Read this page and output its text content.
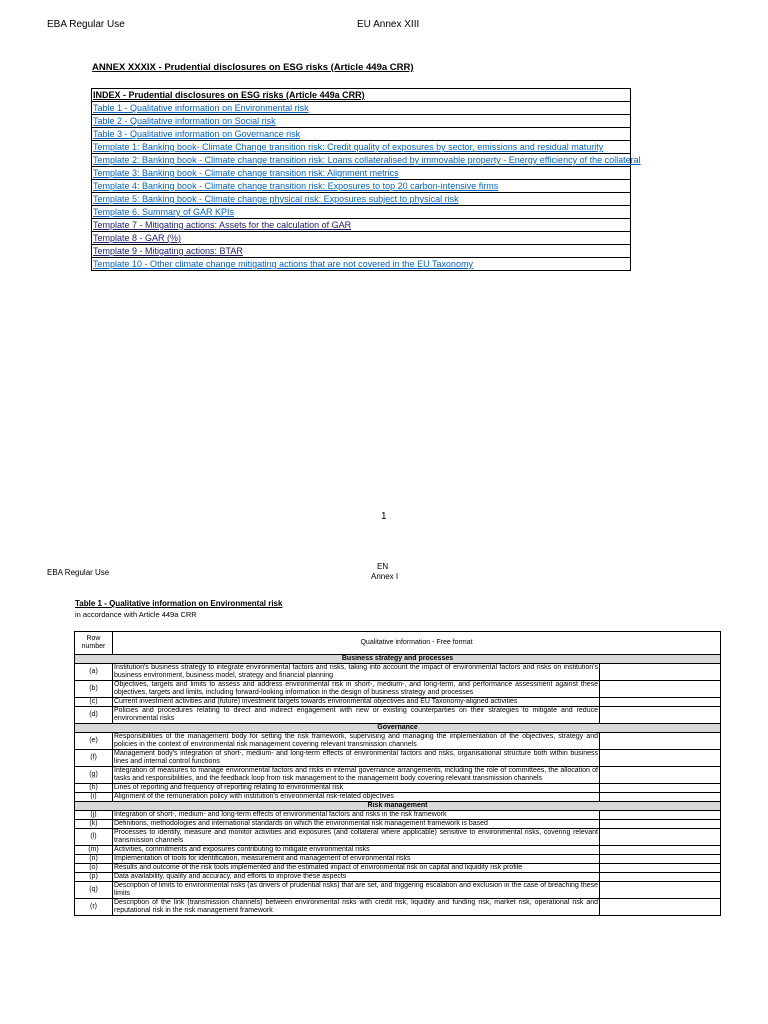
EBA Regular Use	EU Annex XIII
ANNEX XXXIX - Prudential disclosures on ESG risks (Article 449a CRR)
INDEX - Prudential disclosures on ESG risks (Article 449a CRR)
Table 1 - Qualitative information on Environmental risk
Table 2 - Qualitative information on Social risk
Table 3 - Qualitative information on Governance risk
Template 1: Banking book- Climate Change transition risk: Credit quality of exposures by sector, emissions and residual maturity
Template 2: Banking book - Climate change transition risk: Loans collateralised by immovable property - Energy efficiency of the collateral
Template 3: Banking book - Climate change transition risk: Alignment metrics
Template 4: Banking book - Climate change transition risk: Exposures to top 20 carbon-intensive firms
Template 5: Banking book - Climate change physical risk: Exposures subject to physical risk
Template 6. Summary of GAR KPIs
Template 7 - Mitigating actions: Assets for the calculation of GAR
Template 8 - GAR (%)
Template 9 - Mitigating actions: BTAR
Template 10 - Other climate change mitigating actions that are not covered in the EU Taxonomy
1
EBA Regular Use
EN
Annex I
Table 1 - Qualitative information on Environmental risk
in accordance with Article 449a CRR
Row number	Qualitative information - Free format	
Business strategy and processes		
(a)	Institution's business strategy to integrate environmental factors and risks, taking into account the impact of environmental factors and risks on institution's business environment, business model, strategy and financial planning	
(b)	Objectives, targets and limits to assess and address environmental risk in short-, medium-, and long-term, and performance assessment against these objectives, targets and limits, including forward-looking information in the design of business strategy and processes	
(c)	Current investment activities and (future) investment targets towards environmental objectives and EU Taxonomy-aligned activities	
(d)	Policies and procedures relating to direct and indirect engagement with new or existing counterparties on their strategies to mitigate and reduce environmental risks	
Governance		
(e)	Responsibilities of the management body for setting the risk framework, supervising and managing the implementation of the objectives, strategy and policies in the context of environmental risk management covering relevant transmission channels	
(f)	Management body's integration of short-, medium- and long-term effects of environmental factors and risks, organisational structure both within business lines and internal control functions	
(g)	Integration of measures to manage environmental factors and risks in internal governance arrangements, including the role of committees, the allocation of tasks and responsibilities, and the feedback loop from risk management to the management body covering relevant transmission channels	
(h)	Lines of reporting and frequency of reporting relating to environmental risk	
(i)	Alignment of the remuneration policy with institution's environmental risk-related objectives	
Risk management		
(j)	Integration of short-, medium- and long-term effects of environmental factors and risks in the risk framework	
(k)	Definitions, methodologies and international standards on which the environmental risk management framework is based	
(l)	Processes to identify, measure and monitor activities and exposures (and collateral where applicable) sensitive to environmental risks, covering relevant transmission channels	
(m)	Activities, commitments and exposures contributing to mitigate environmental risks	
(n)	Implementation of tools for identification, measurement and management of environmental risks	
(o)	Results and outcome of the risk tools implemented and the estimated impact of environmental risk on capital and liquidity risk profile	
(p)	Data availability, quality and accuracy, and efforts to improve these aspects	
(q)	Description of limits to environmental risks (as drivers of prudential risks) that are set, and triggering escalation and exclusion in the case of breaching these limits	
(r)	Description of the link (transmission channels) between environmental risks with credit risk, liquidity and funding risk, market risk, operational risk and reputational risk in the risk management framework	
